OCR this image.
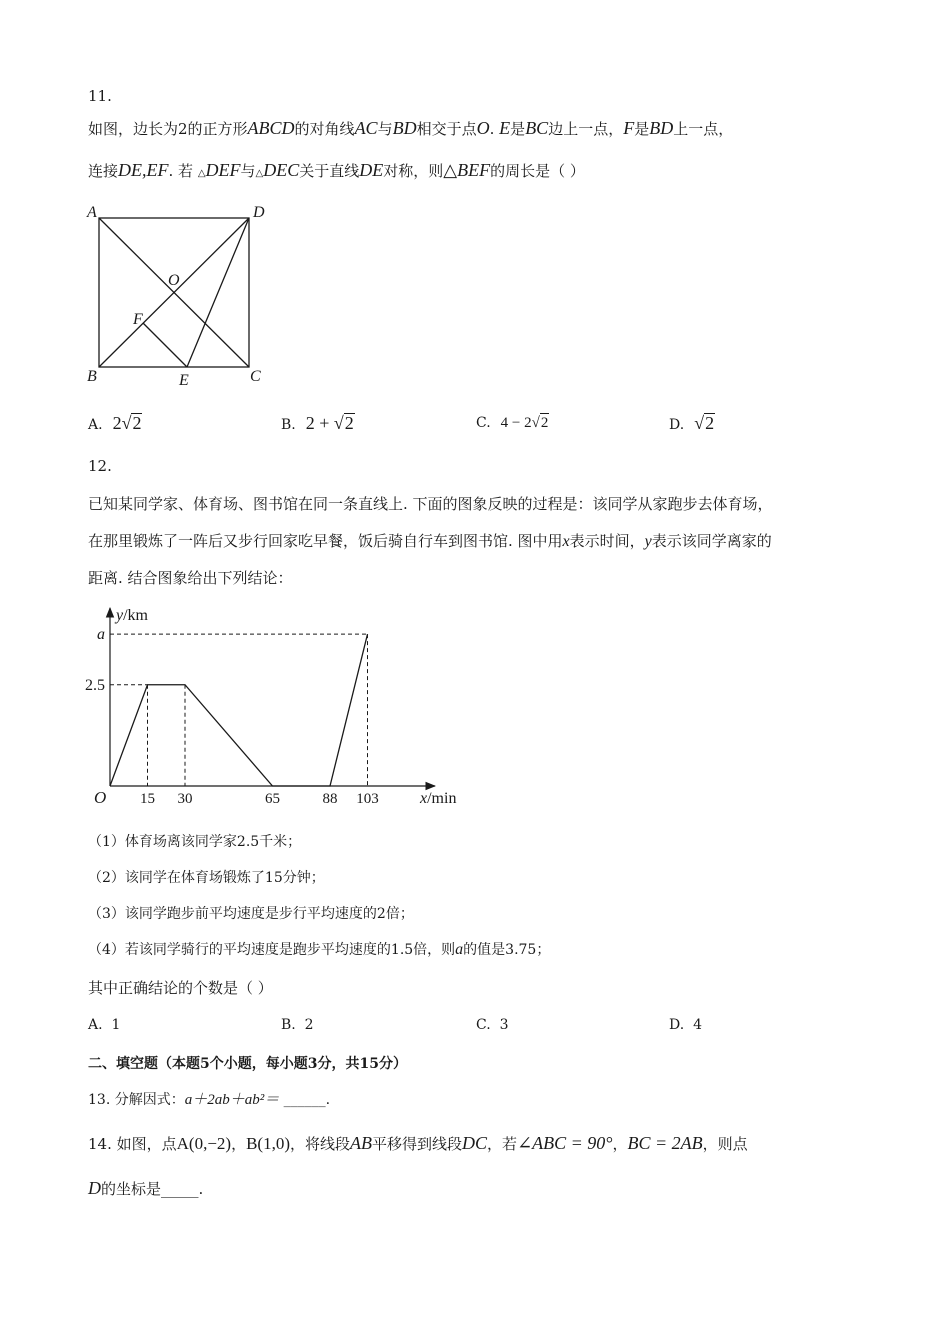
11.
如图，边长为2的正方形ABCD的对角线AC与BD相交于点O. E是BC边上一点，F是BD上一点，
连接DE,EF. 若 △DEF与△DEC关于直线DE对称，则△BEF的周长是（ ）
A	D
O
F
B	E	C
A. 2√2	B. 2 + √2	C. 4 − 2√2	D. √2
12.
已知某同学家、体育场、图书馆在同一条直线上. 下面的图象反映的过程是：该同学从家跑步去体育场，
在那里锻炼了一阵后又步行回家吃早餐，饭后骑自行车到图书馆. 图中用x表示时间，y表示该同学离家的
距离. 结合图象给出下列结论：
15 30	65	88 103
2.5
a
O
y/km
x/min
（1）体育场离该同学家2.5千米；
（2）该同学在体育场锻炼了15分钟；
（3）该同学跑步前平均速度是步行平均速度的2倍；
（4）若该同学骑行的平均速度是跑步平均速度的1.5倍，则a的值是3.75；
其中正确结论的个数是（ ）
A. 1	B. 2	C. 3	D. 4
二、填空题（本题5个小题，每小题3分，共15分）
13. 分解因式：a＋2ab＋ab²＝ ______.
14. 如图，点A(0,−2)，B(1,0)，将线段AB平移得到线段DC，若∠ABC = 90°，BC = 2AB，则点
D的坐标是_____.
